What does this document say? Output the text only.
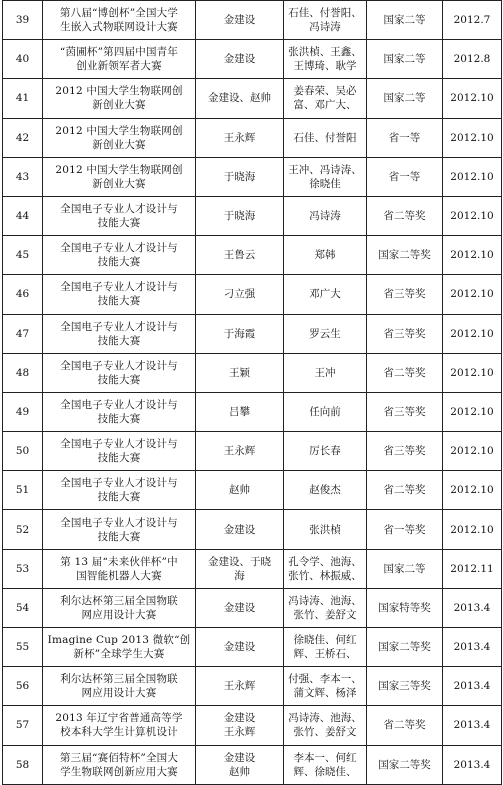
39	第八届“博创杯”全国大学
生嵌入式物联网设计大赛	金建设	石佳、付誉阳、
冯诗涛	国家二等	2012.7
40	“茵圃杯”第四届中国青年
创业新领军者大赛	金建设	张洪楨、王鑫、
王博琦、耿学	国家二等	2012.8
41	2012 中国大学生物联网创
新创业大赛	金建设、赵帅	姜春荣、吴必
富、邓广大、	国家二等	2012.10
42	2012 中国大学生物联网创
新创业大赛	王永辉	石佳、付誉阳	省一等	2012.10
43	2012 中国大学生物联网创
新创业大赛	于晓海	王冲、冯诗涛、
徐晓佳	省一等	2012.10
44	全国电子专业人才设计与
技能大赛	于晓海	冯诗涛	省二等奖	2012.10
45	全国电子专业人才设计与
技能大赛	王鲁云	郑韩	国家二等奖	2012.10
46	全国电子专业人才设计与
技能大赛	刁立强	邓广大	省三等奖	2012.10
47	全国电子专业人才设计与
技能大赛	于海霞	罗云生	省三等奖	2012.10
48	全国电子专业人才设计与
技能大赛	王颖	王冲	省二等奖	2012.10
49	全国电子专业人才设计与
技能大赛	吕攀	任向前	省三等奖	2012.10
50	全国电子专业人才设计与
技能大赛	王永辉	厉长春	省三等奖	2012.10
51	全国电子专业人才设计与
技能大赛	赵帅	赵俊杰	省二等奖	2012.10
52	全国电子专业人才设计与
技能大赛	金建设	张洪楨	省一等奖	2012.10
53	第 13 届“未来伙伴杯”中
国智能机器人大赛	金建设、于晓
海	孔令学、池海、
张竹、林振威、	国家二等	2012.11
54	利尔达杯第三届全国物联
网应用设计大赛	金建设	冯诗涛、池海、
张竹、姜舒文	国家特等奖	2013.4
55	Imagine Cup 2013 微软“创
新杯”全球学生大赛	金建设	徐晓佳、何红
辉、王桥石、	国家二等奖	2013.4
56	利尔达杯第三届全国物联
网应用设计大赛	王永辉	付强、李本一、
蒲文辉、杨泽	国家三等奖	2013.4
57	2013 年辽宁省普通高等学
校本科大学生计算机设计	金建设
王永辉	冯诗涛、池海、
张竹、姜舒文	省二等奖	2013.4
58	第三届“赛佰特杯”全国大
学生物联网创新应用大赛	金建设
赵帅	李本一、何红
辉、徐晓佳、	国家二等奖	2013.4
